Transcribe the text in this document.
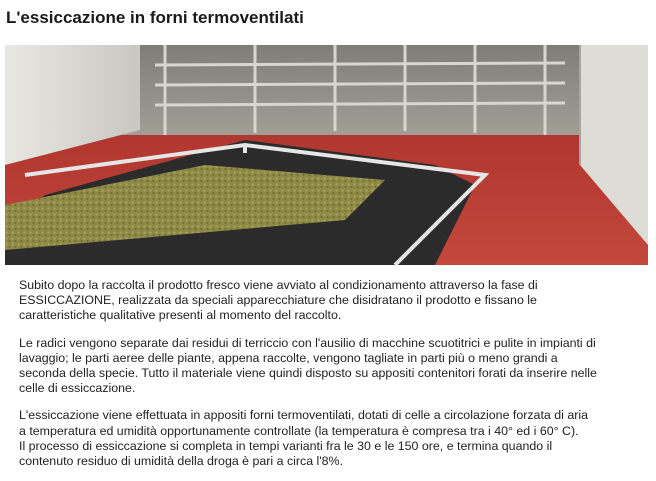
L'essiccazione in forni termoventilati

Subito dopo la raccolta il prodotto fresco viene avviato al condizionamento attraverso la fase di
ESSICCAZIONE, realizzata da speciali apparecchiature che disidratano il prodotto e fissano le
caratteristiche qualitative presenti al momento del raccolto.

Le radici vengono separate dai residui di terriccio con l'ausilio di macchine scuotitrici e pulite in impianti di
lavaggio; le parti aeree delle piante, appena raccolte, vengono tagliate in parti più o meno grandi a
seconda della specie. Tutto il materiale viene quindi disposto su appositi contenitori forati da inserire nelle
celle di essiccazione.

L'essiccazione viene effettuata in appositi forni termoventilati, dotati di celle a circolazione forzata di aria
a temperatura ed umidità opportunamente controllate (la temperatura è compresa tra i 40° ed i 60° C).
Il processo di essiccazione si completa in tempi varianti fra le 30 e le 150 ore, e termina quando il
contenuto residuo di umidità della droga è pari a circa l'8%.
